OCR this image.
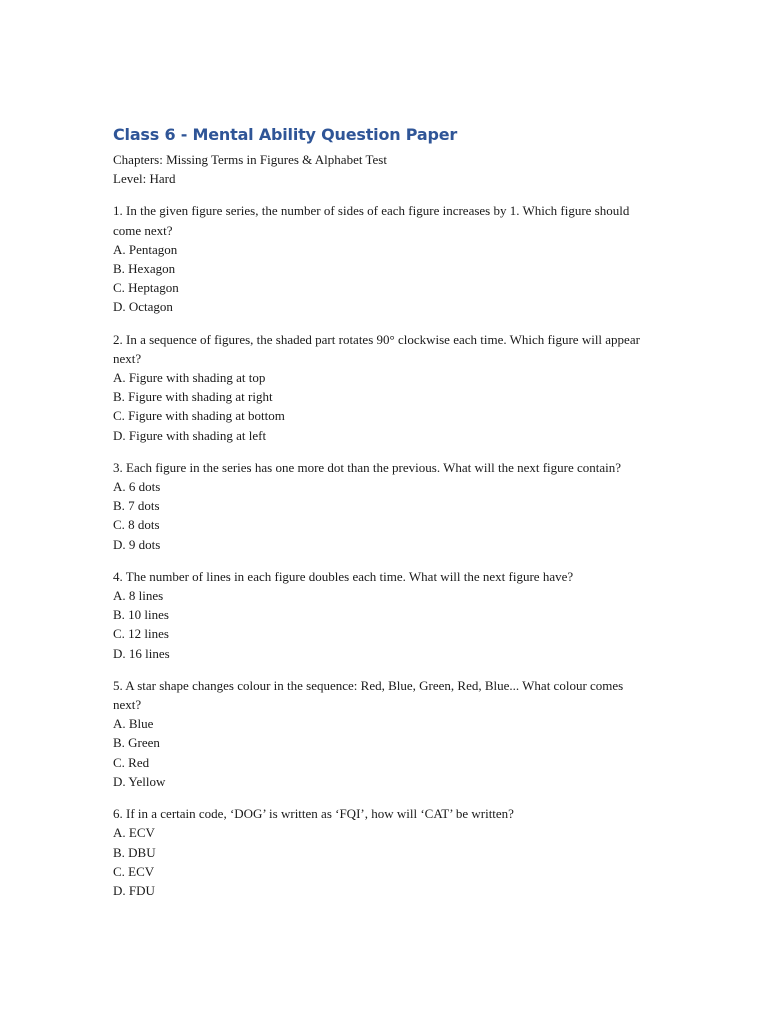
Class 6 - Mental Ability Question Paper

Chapters: Missing Terms in Figures & Alphabet Test

Level: Hard

1. In the given figure series, the number of sides of each figure increases by 1. Which figure should come next?

A. Pentagon

B. Hexagon

C. Heptagon

D. Octagon

2. In a sequence of figures, the shaded part rotates 90° clockwise each time. Which figure will appear next?

A. Figure with shading at top

B. Figure with shading at right

C. Figure with shading at bottom

D. Figure with shading at left

3. Each figure in the series has one more dot than the previous. What will the next figure contain?

A. 6 dots

B. 7 dots

C. 8 dots

D. 9 dots

4. The number of lines in each figure doubles each time. What will the next figure have?

A. 8 lines

B. 10 lines

C. 12 lines

D. 16 lines

5. A star shape changes colour in the sequence: Red, Blue, Green, Red, Blue... What colour comes next?

A. Blue

B. Green

C. Red

D. Yellow

6. If in a certain code, ‘DOG’ is written as ‘FQI’, how will ‘CAT’ be written?

A. ECV

B. DBU

C. ECV

D. FDU
